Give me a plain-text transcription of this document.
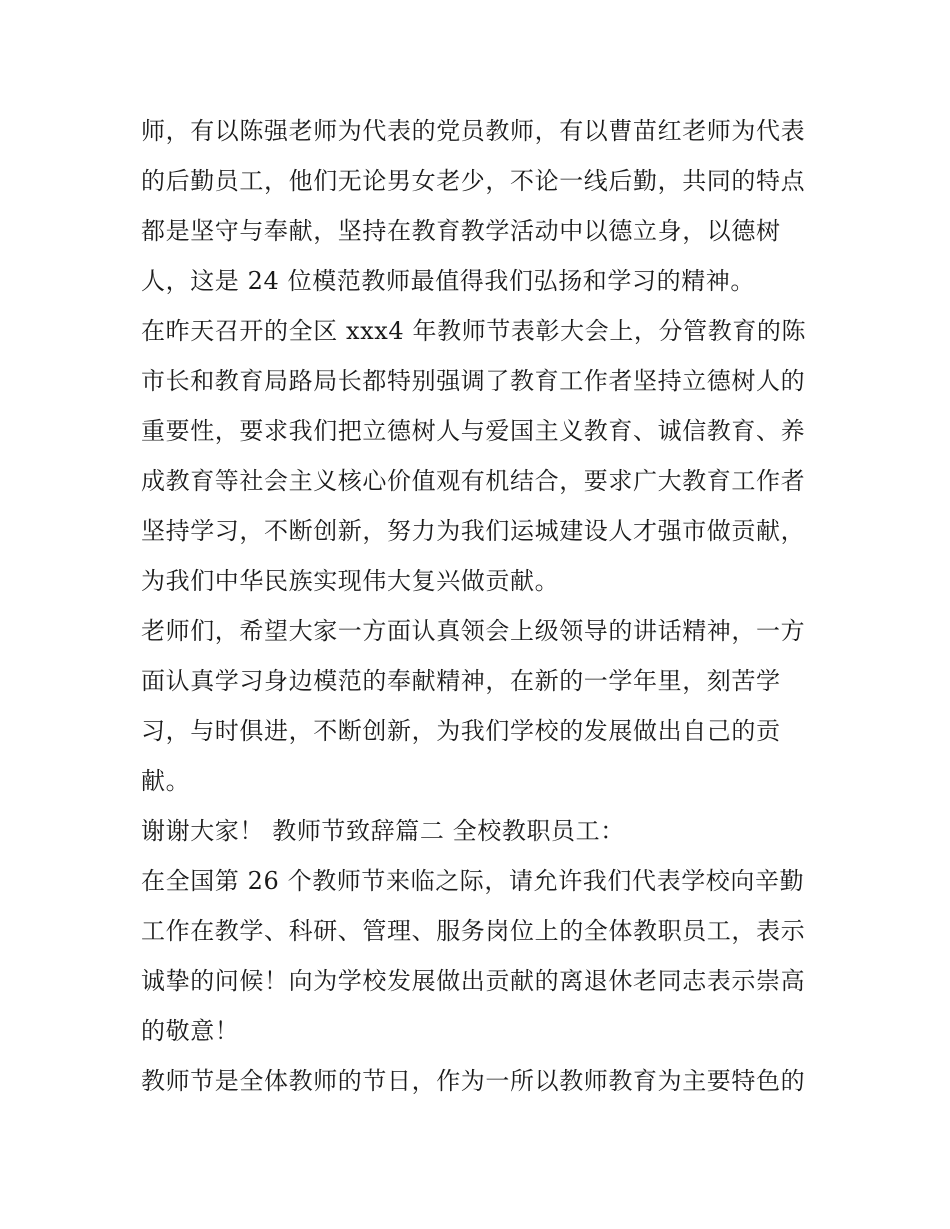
师，有以陈强老师为代表的党员教师，有以曹苗红老师为代表
的后勤员工，他们无论男女老少，不论一线后勤，共同的特点
都是坚守与奉献，坚持在教育教学活动中以德立身，以德树
人，这是 24 位模范教师最值得我们弘扬和学习的精神。
在昨天召开的全区 xxx4 年教师节表彰大会上，分管教育的陈
市长和教育局路局长都特别强调了教育工作者坚持立德树人的
重要性，要求我们把立德树人与爱国主义教育、诚信教育、养
成教育等社会主义核心价值观有机结合，要求广大教育工作者
坚持学习，不断创新，努力为我们运城建设人才强市做贡献，
为我们中华民族实现伟大复兴做贡献。
老师们，希望大家一方面认真领会上级领导的讲话精神，一方
面认真学习身边模范的奉献精神，在新的一学年里，刻苦学
习，与时俱进，不断创新，为我们学校的发展做出自己的贡
献。
谢谢大家！ 教师节致辞篇二 全校教职员工：
在全国第 26 个教师节来临之际，请允许我们代表学校向辛勤
工作在教学、科研、管理、服务岗位上的全体教职员工，表示
诚挚的问候！向为学校发展做出贡献的离退休老同志表示崇高
的敬意！
教师节是全体教师的节日，作为一所以教师教育为主要特色的
